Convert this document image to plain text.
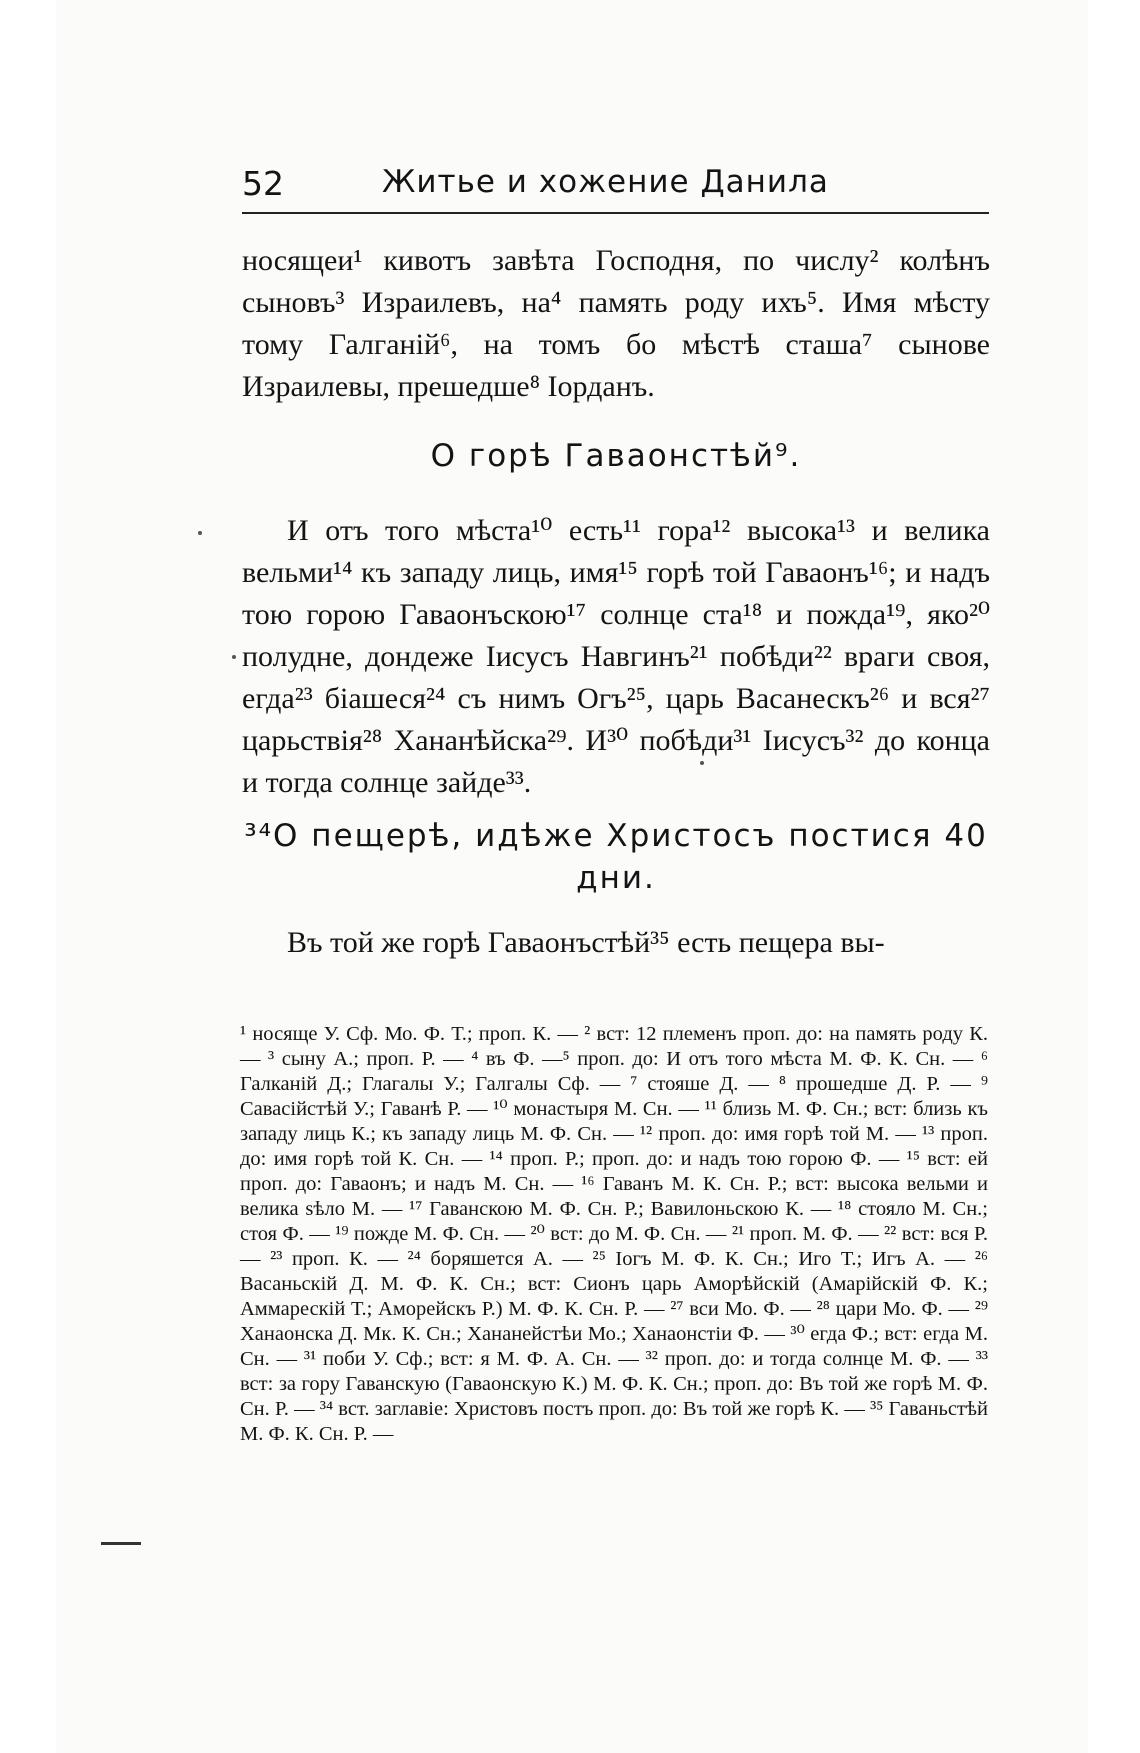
52	Житье и хожение Данила
носящеи¹ кивотъ завѣта Господня, по числу² колѣнъ сыновъ³ Израилевъ, на⁴ память роду ихъ⁵. Имя мѣсту тому Галганiй⁶, на томъ бо мѣстѣ сташа⁷ сынове Израилевы, прешедше⁸ Iорданъ.
О горѣ Гаваонстѣй⁹.
И отъ того мѣста¹⁰ есть¹¹ гора¹² высока¹³ и велика вельми¹⁴ къ западу лиць, имя¹⁵ горѣ той Гаваонъ¹⁶; и надъ тою горою Гаваонъскою¹⁷ солнце ста¹⁸ и пожда¹⁹, яко²⁰ полудне, дондеже Iисусъ Навгинъ²¹ побѣди²² враги своя, егда²³ бiашеся²⁴ съ нимъ Огъ²⁵, царь Васанескъ²⁶ и вся²⁷ царьствiя²⁸ Хананѣйска²⁹. И³⁰ побѣди³¹ Iисусъ³² до конца и тогда солнце зайде³³.
³⁴О пещерѣ, идѣже Христосъ постися 40 дни.
Въ той же горѣ Гаваонъстѣй³⁵ есть пещера вы-
¹ носяще У. Сф. Мо. Ф. Т.; проп. К. — ² вст: 12 племенъ проп. до: на память роду К. — ³ сыну А.; проп. Р. — ⁴ въ Ф. —⁵ проп. до: И отъ того мѣста М. Ф. К. Сн. — ⁶ Галканiй Д.; Глагалы У.; Галгалы Сф. — ⁷ стояше Д. — ⁸ прошедше Д. Р. — ⁹ Савасiйстѣй У.; Гаванѣ Р. — ¹⁰ монастыря М. Сн. — ¹¹ близь М. Ф. Сн.; вст: близь къ западу лиць К.; къ западу лиць М. Ф. Сн. — ¹² проп. до: имя горѣ той М. — ¹³ проп. до: имя горѣ той К. Сн. — ¹⁴ проп. Р.; проп. до: и надъ тою горою Ф. — ¹⁵ вст: ей проп. до: Гаваонъ; и надъ М. Сн. — ¹⁶ Гаванъ М. К. Сн. Р.; вст: высока вельми и велика ѕѣло М. — ¹⁷ Гаванскою М. Ф. Сн. Р.; Вавилоньскою К. — ¹⁸ стояло М. Сн.; стоя Ф. — ¹⁹ пожде М. Ф. Сн. — ²⁰ вст: до М. Ф. Сн. — ²¹ проп. М. Ф. — ²² вст: вся Р. — ²³ проп. К. — ²⁴ боряшется А. — ²⁵ Iогъ М. Ф. К. Сн.; Иго Т.; Игъ А. — ²⁶ Васаньскiй Д. М. Ф. К. Сн.; вст: Сионъ царь Аморѣйскiй (Амарiйскiй Ф. К.; Аммарескiй Т.; Аморейскъ Р.) М. Ф. К. Сн. Р. — ²⁷ вси Мо. Ф. — ²⁸ цари Мо. Ф. — ²⁹ Ханаонска Д. Мк. К. Сн.; Хананейстѣи Мо.; Ханаонстiи Ф. — ³⁰ егда Ф.; вст: егда М. Сн. — ³¹ поби У. Сф.; вст: я М. Ф. А. Сн. — ³² проп. до: и тогда солнце М. Ф. — ³³ вст: за гору Гаванскую (Гаваонскую К.) М. Ф. К. Сн.; проп. до: Въ той же горѣ М. Ф. Сн. Р. — ³⁴ вст. заглавiе: Христовъ постъ проп. до: Въ той же горѣ К. — ³⁵ Гаваньстѣй М. Ф. К. Сн. Р. —
